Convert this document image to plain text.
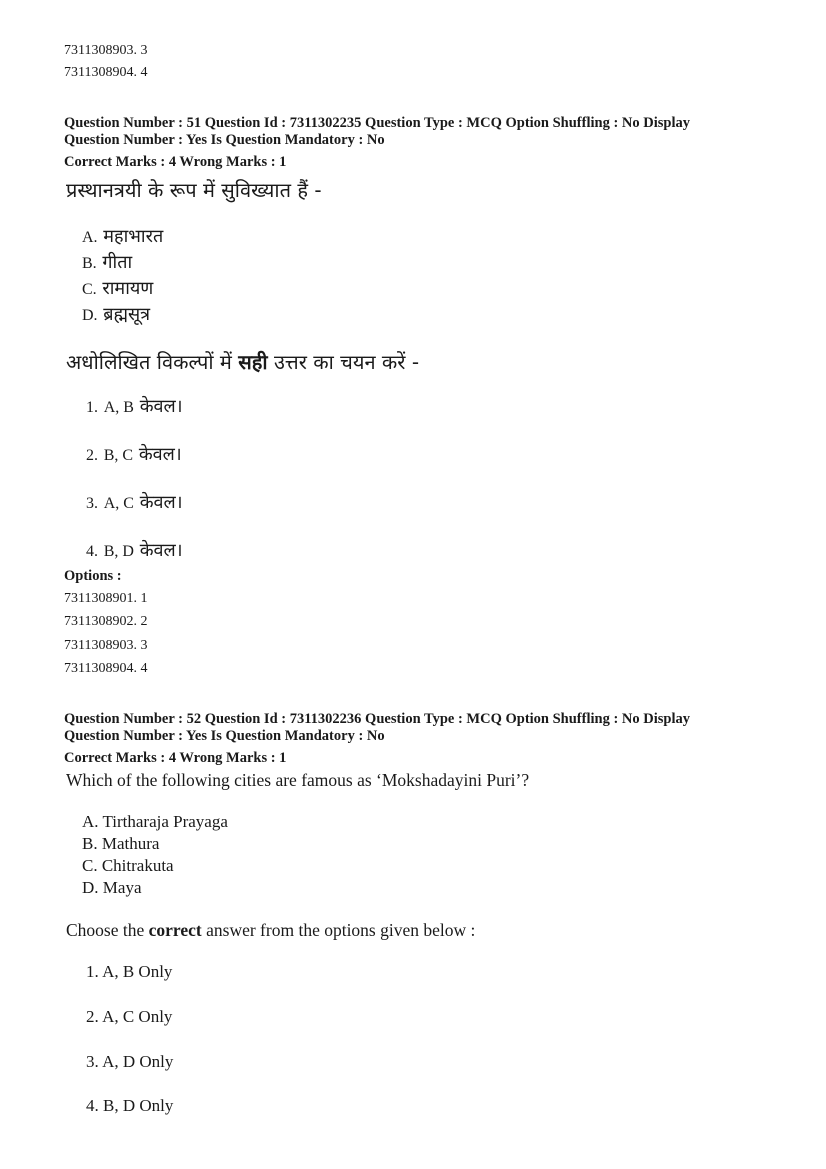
7311308903. 3
7311308904. 4
Question Number : 51 Question Id : 7311302235 Question Type : MCQ Option Shuffling : No Display
Question Number : Yes Is Question Mandatory : No
Correct Marks : 4 Wrong Marks : 1
प्रस्थानत्रयी के रूप में सुविख्यात हैं -
A. महाभारत
B. गीता
C. रामायण
D. ब्रह्मसूत्र
अधोलिखित विकल्पों में सही उत्तर का चयन करें -
1. A, B केवल।
2. B, C केवल।
3. A, C केवल।
4. B, D केवल।
Options :
7311308901. 1
7311308902. 2
7311308903. 3
7311308904. 4
Question Number : 52 Question Id : 7311302236 Question Type : MCQ Option Shuffling : No Display
Question Number : Yes Is Question Mandatory : No
Correct Marks : 4 Wrong Marks : 1
Which of the following cities are famous as ‘Mokshadayini Puri’?
A. Tirtharaja Prayaga
B. Mathura
C. Chitrakuta
D. Maya
Choose the correct answer from the options given below :
1. A, B Only
2. A, C Only
3. A, D Only
4. B, D Only
